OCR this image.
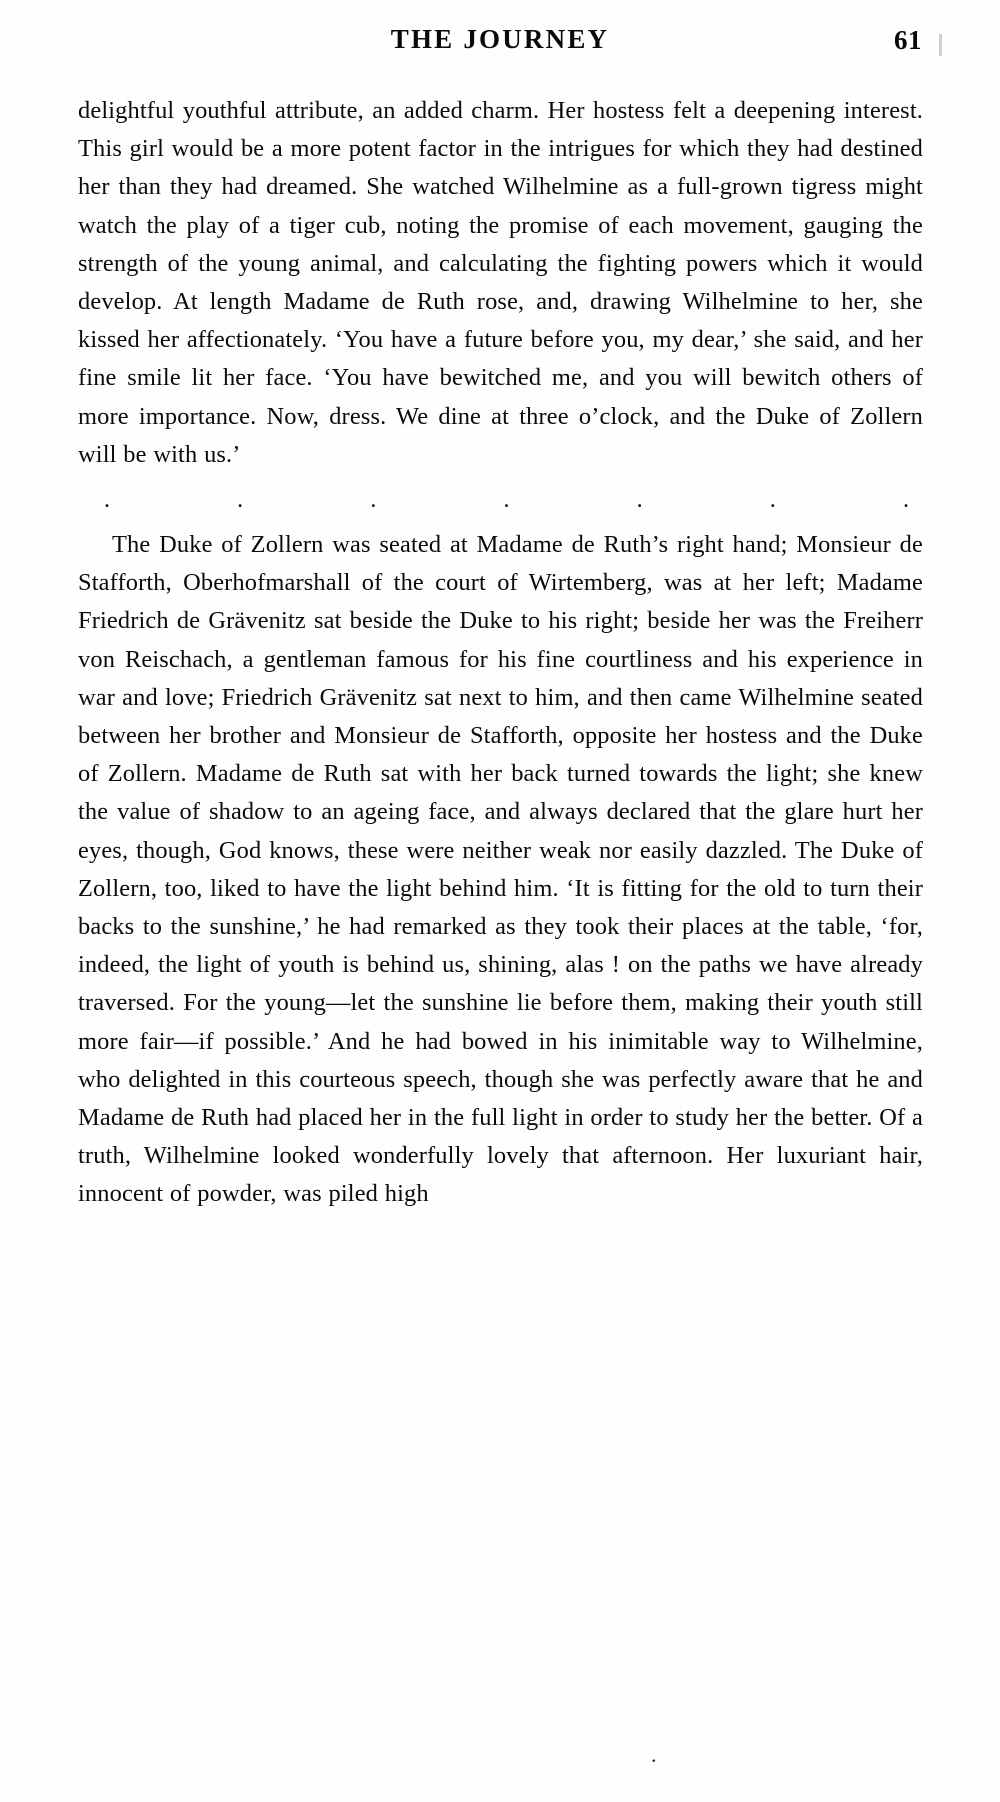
THE JOURNEY	61

delightful youthful attribute, an added charm. Her hostess felt a deepening interest. This girl would be a more potent factor in the intrigues for which they had destined her than they had dreamed. She watched Wilhelmine as a full-grown tigress might watch the play of a tiger cub, noting the promise of each movement, gauging the strength of the young animal, and calculating the fighting powers which it would develop. At length Madame de Ruth rose, and, drawing Wilhelmine to her, she kissed her affectionately. ‘You have a future before you, my dear,’ she said, and her fine smile lit her face. ‘You have bewitched me, and you will bewitch others of more importance. Now, dress. We dine at three o’clock, and the Duke of Zollern will be with us.’

.	.	.	.	.	.	.

The Duke of Zollern was seated at Madame de Ruth’s right hand; Monsieur de Stafforth, Oberhofmarshall of the court of Wirtemberg, was at her left; Madame Friedrich de Grävenitz sat beside the Duke to his right; beside her was the Freiherr von Reischach, a gentleman famous for his fine courtliness and his experience in war and love; Friedrich Grävenitz sat next to him, and then came Wilhelmine seated between her brother and Monsieur de Stafforth, opposite her hostess and the Duke of Zollern. Madame de Ruth sat with her back turned towards the light; she knew the value of shadow to an ageing face, and always declared that the glare hurt her eyes, though, God knows, these were neither weak nor easily dazzled. The Duke of Zollern, too, liked to have the light behind him. ‘It is fitting for the old to turn their backs to the sunshine,’ he had remarked as they took their places at the table, ‘for, indeed, the light of youth is behind us, shining, alas ! on the paths we have already traversed. For the young—let the sunshine lie before them, making their youth still more fair—if possible.’ And he had bowed in his inimitable way to Wilhelmine, who delighted in this courteous speech, though she was perfectly aware that he and Madame de Ruth had placed her in the full light in order to study her the better. Of a truth, Wilhelmine looked wonderfully lovely that afternoon. Her luxuriant hair, innocent of powder, was piled high

.
